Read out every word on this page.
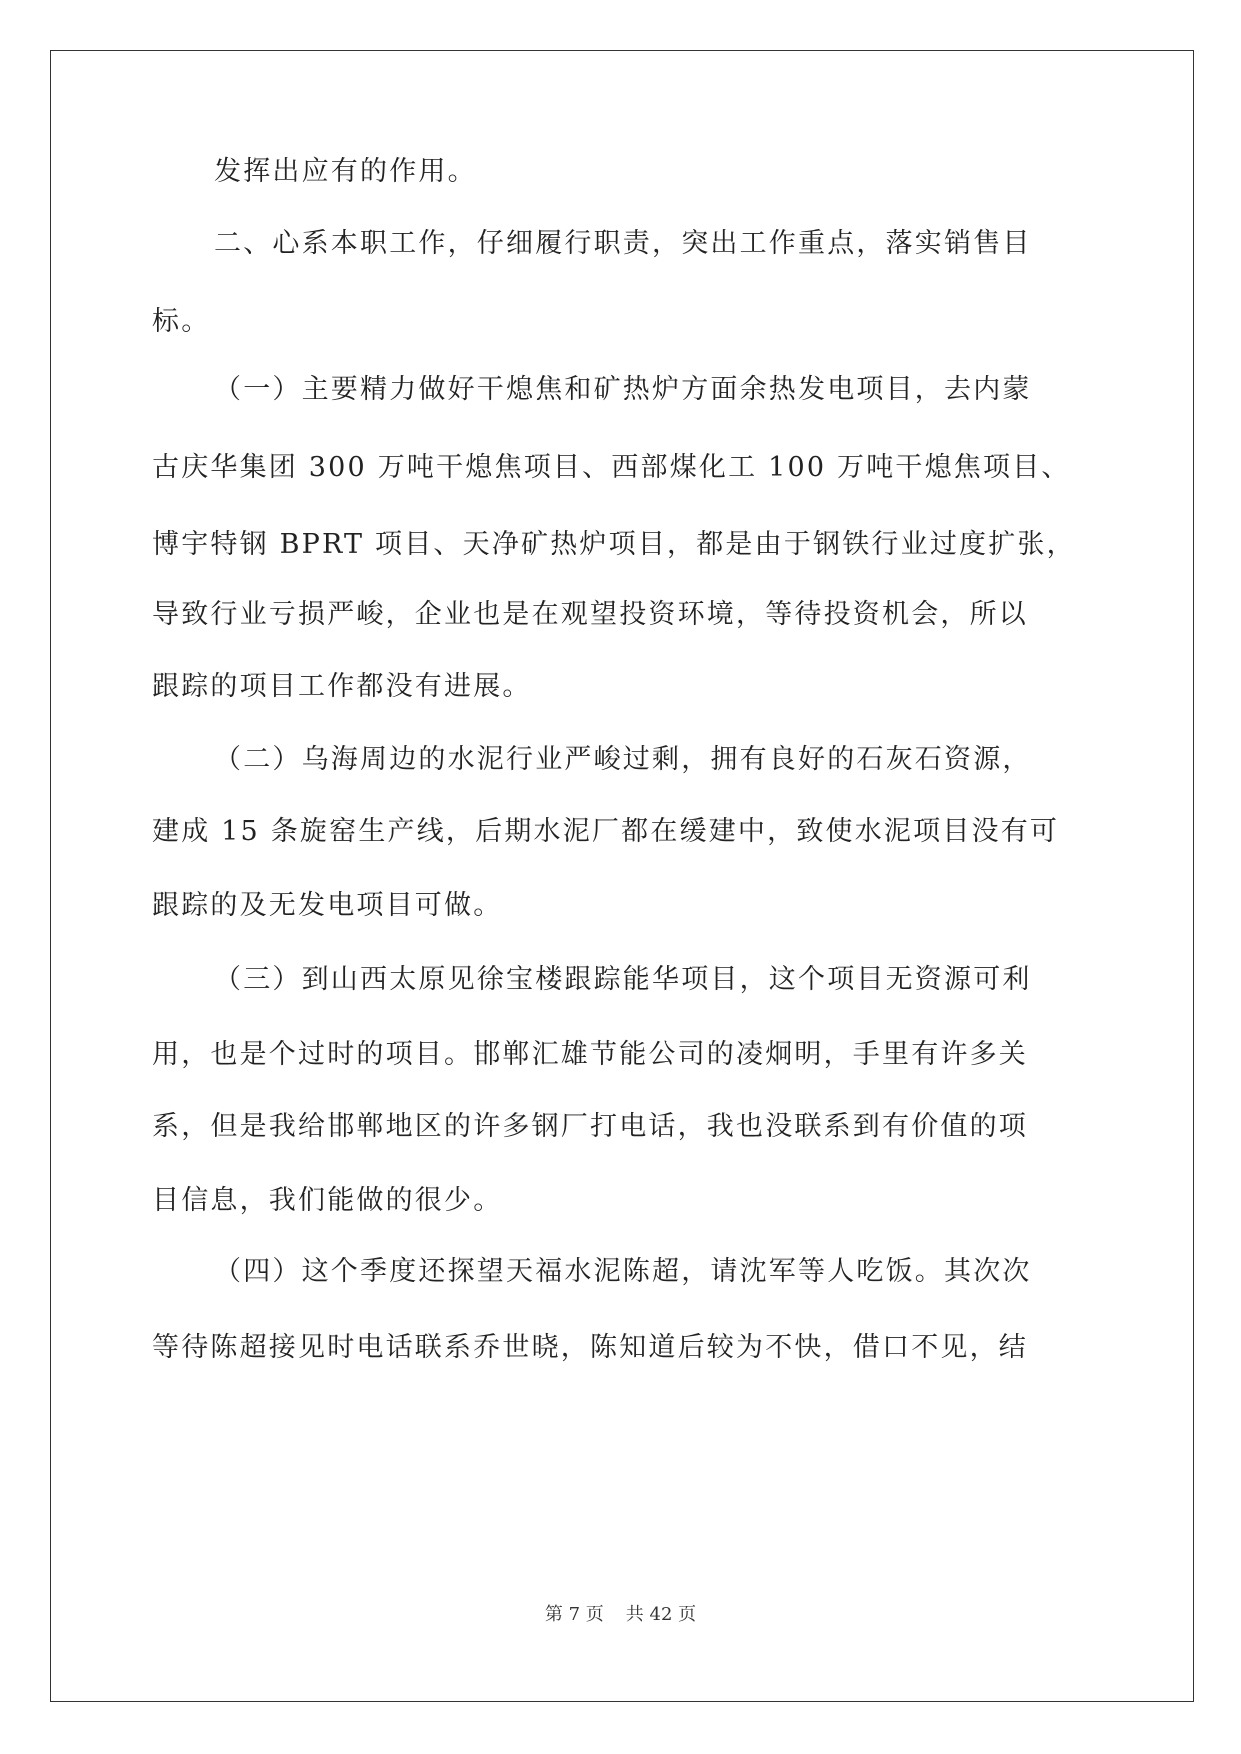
发挥出应有的作用。
二、心系本职工作，仔细履行职责，突出工作重点，落实销售目
标。
（一）主要精力做好干熄焦和矿热炉方面余热发电项目，去内蒙
古庆华集团 300 万吨干熄焦项目、西部煤化工 100 万吨干熄焦项目、
博宇特钢 BPRT 项目、天净矿热炉项目，都是由于钢铁行业过度扩张，
导致行业亏损严峻，企业也是在观望投资环境，等待投资机会，所以
跟踪的项目工作都没有进展。
（二）乌海周边的水泥行业严峻过剩，拥有良好的石灰石资源，
建成 15 条旋窑生产线，后期水泥厂都在缓建中，致使水泥项目没有可
跟踪的及无发电项目可做。
（三）到山西太原见徐宝楼跟踪能华项目，这个项目无资源可利
用，也是个过时的项目。邯郸汇雄节能公司的凌炯明，手里有许多关
系，但是我给邯郸地区的许多钢厂打电话，我也没联系到有价值的项
目信息，我们能做的很少。
（四）这个季度还探望天福水泥陈超，请沈军等人吃饭。其次次
等待陈超接见时电话联系乔世晓，陈知道后较为不快，借口不见，结
第 7 页 共 42 页
